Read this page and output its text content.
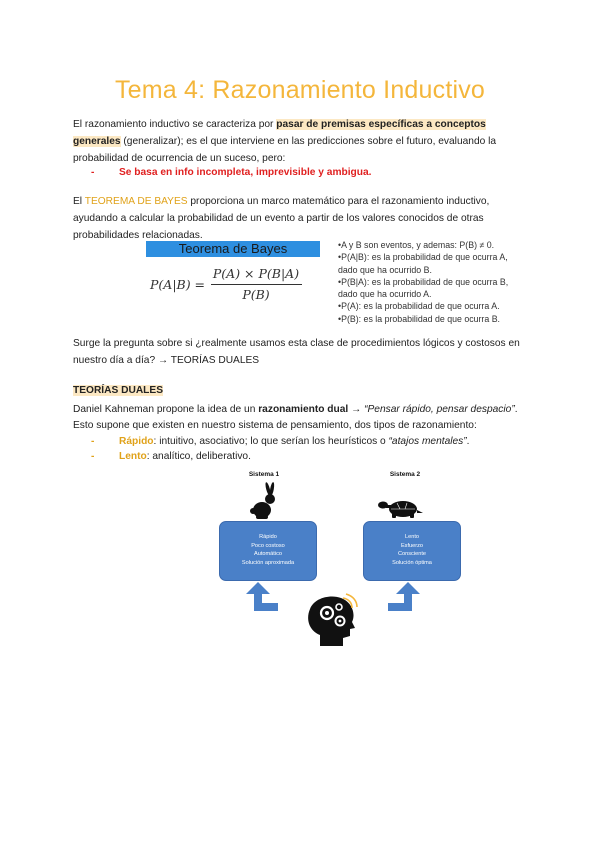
Tema 4: Razonamiento Inductivo
El razonamiento inductivo se caracteriza por pasar de premisas específicas a conceptos generales (generalizar); es el que interviene en las predicciones sobre el futuro, evaluando la probabilidad de ocurrencia de un suceso, pero:
- Se basa en info incompleta, imprevisible y ambigua.
El TEOREMA DE BAYES proporciona un marco matemático para el razonamiento inductivo, ayudando a calcular la probabilidad de un evento a partir de los valores conocidos de otras probabilidades relacionadas.
Teorema de Bayes
P(A|B) =
P(A) × P(B|A)
P(B)
•A y B son eventos, y ademas: P(B) ≠ 0.
•P(A|B): es la probabilidad de que ocurra A, dado que ha ocurrido B.
•P(B|A): es la probabilidad de que ocurra B, dado que ha ocurrido A.
•P(A): es la probabilidad de que ocurra A.
•P(B): es la probabilidad de que ocurra B.
Surge la pregunta sobre si ¿realmente usamos esta clase de procedimientos lógicos y costosos en nuestro día a día? → TEORÍAS DUALES
TEORÍAS DUALES
Daniel Kahneman propone la idea de un razonamiento dual → “Pensar rápido, pensar despacio”.
Esto supone que existen en nuestro sistema de pensamiento, dos tipos de razonamiento:
- Rápido: intuitivo, asociativo; lo que serían los heurísticos o “atajos mentales”.
- Lento: analítico, deliberativo.
Sistema 1	Sistema 2
Rápido
Poco costoso
Automático
Solución aproximada
Lento
Esfuerzo
Consciente
Solución óptima
